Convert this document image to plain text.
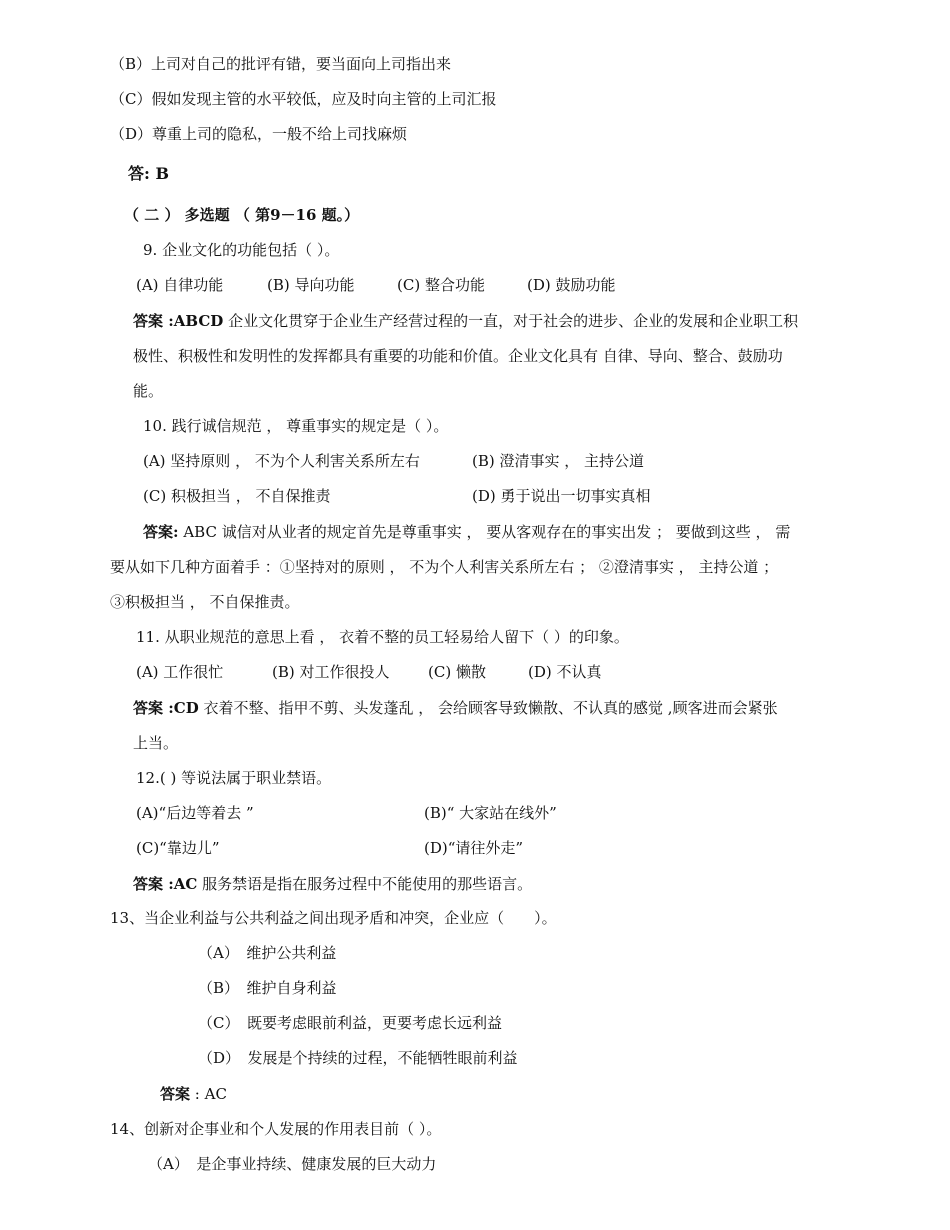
（B）上司对自己的批评有错，要当面向上司指出来
（C）假如发现主管的水平较低，应及时向主管的上司汇报
（D）尊重上司的隐私，一般不给上司找麻烦
答: B
（ 二 ） 多选题 （ 第9－16 题。）
9. 企业文化的功能包括（ ）。
(A) 自律功能	(B) 导向功能	(C) 整合功能	(D) 鼓励功能
答案 :ABCD 企业文化贯穿于企业生产经营过程的一直，对于社会的进步、企业的发展和企业职工积
极性、积极性和发明性的发挥都具有重要的功能和价值。企业文化具有 自律、导向、整合、鼓励功
能。
10. 践行诚信规范 ， 尊重事实的规定是（ ）。
(A) 坚持原则 ， 不为个人利害关系所左右	(B) 澄清事实 ， 主持公道
(C) 积极担当 ， 不自保推责	(D) 勇于说出一切事实真相
答案: ABC 诚信对从业者的规定首先是尊重事实 ， 要从客观存在的事实出发 ； 要做到这些 ， 需
要从如下几种方面着手 ：①坚持对的原则 ， 不为个人利害关系所左右 ； ②澄清事实 ， 主持公道 ；
③积极担当 ， 不自保推责。
11. 从职业规范的意思上看 ， 衣着不整的员工轻易给人留下（ ）的印象。
(A) 工作很忙	(B) 对工作很投人	(C) 懒散	(D) 不认真
答案 :CD 衣着不整、指甲不剪、头发蓬乱 ， 会给顾客导致懒散、不认真的感觉 ,顾客进而会紧张
上当。
12.( ) 等说法属于职业禁语。
(A)“后边等着去 ”	(B)“ 大家站在线外”
(C)“靠边儿”	(D)“请往外走”
答案 :AC 服务禁语是指在服务过程中不能使用的那些语言。
13、当企业利益与公共利益之间出现矛盾和冲突，企业应（　　）。
（A）　维护公共利益
（B）　维护自身利益
（C）　既要考虑眼前利益，更要考虑长远利益
（D）　发展是个持续的过程，不能牺牲眼前利益
答案 : AC
14、创新对企事业和个人发展的作用表目前（ ）。
（A）　是企事业持续、健康发展的巨大动力
